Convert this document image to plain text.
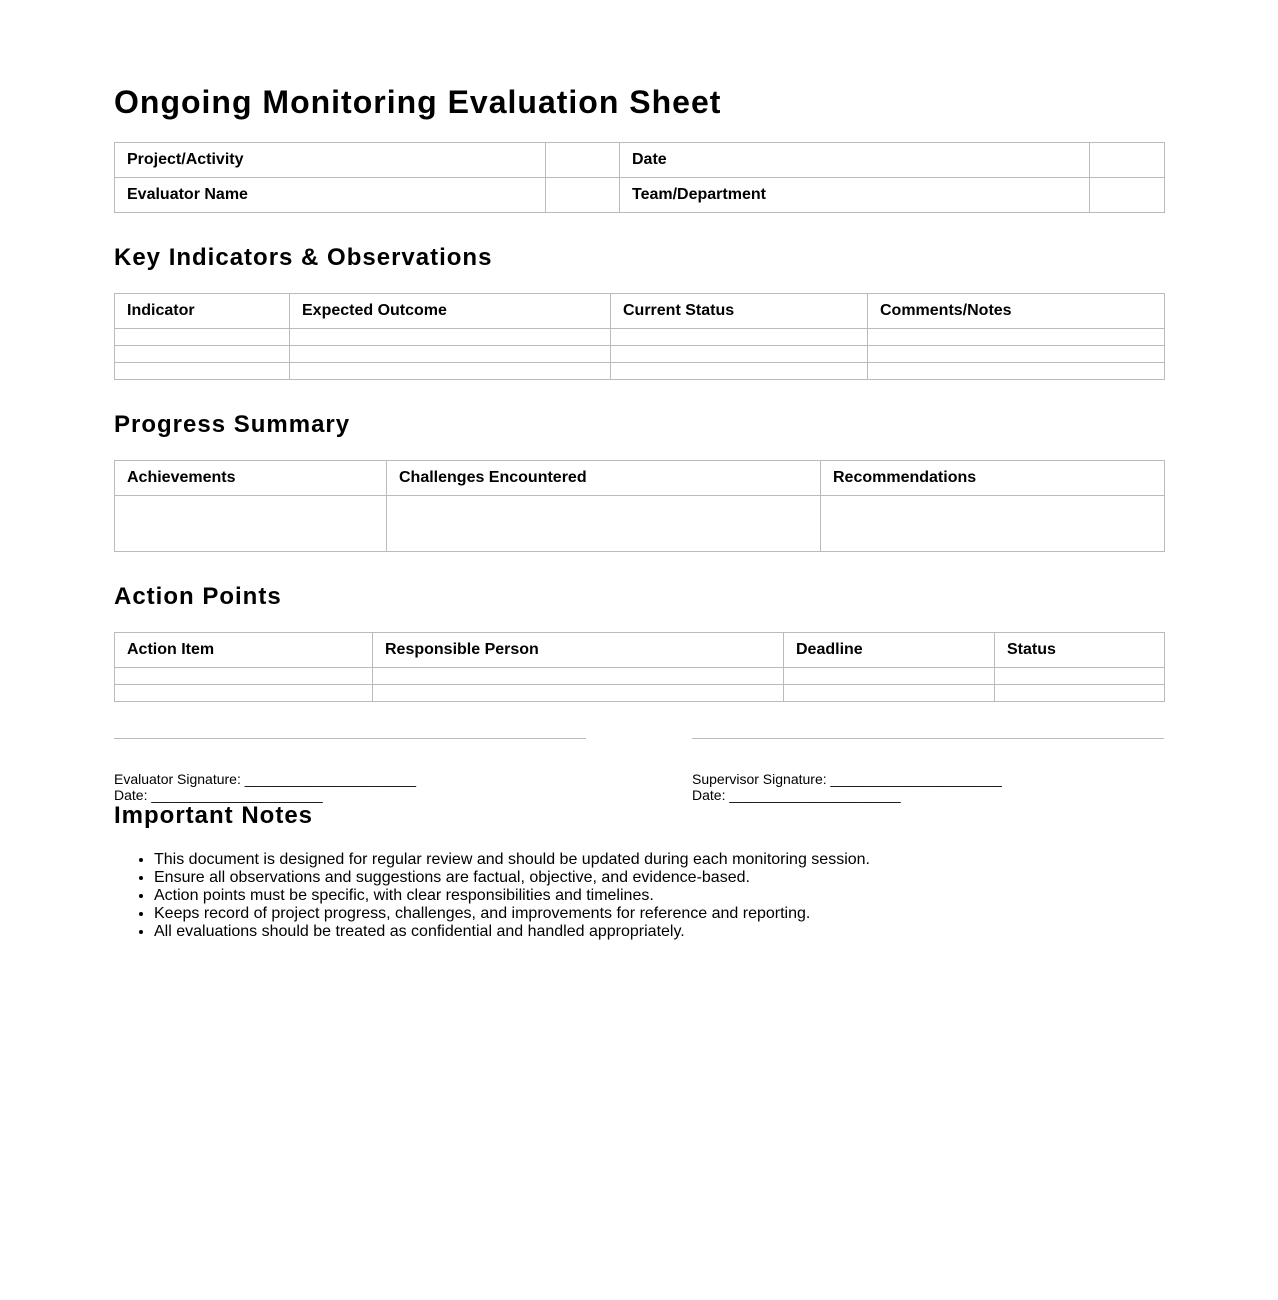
Ongoing Monitoring Evaluation Sheet
Project/Activity		Date	
Evaluator Name		Team/Department	
Key Indicators & Observations
Indicator	Expected Outcome	Current Status	Comments/Notes

Progress Summary
Achievements	Challenges Encountered	Recommendations

Action Points
Action Item	Responsible Person	Deadline	Status

Evaluator Signature: ______________________
Date: ______________________
Supervisor Signature: ______________________
Date: ______________________
Important Notes
• This document is designed for regular review and should be updated during each monitoring session.
• Ensure all observations and suggestions are factual, objective, and evidence-based.
• Action points must be specific, with clear responsibilities and timelines.
• Keeps record of project progress, challenges, and improvements for reference and reporting.
• All evaluations should be treated as confidential and handled appropriately.
